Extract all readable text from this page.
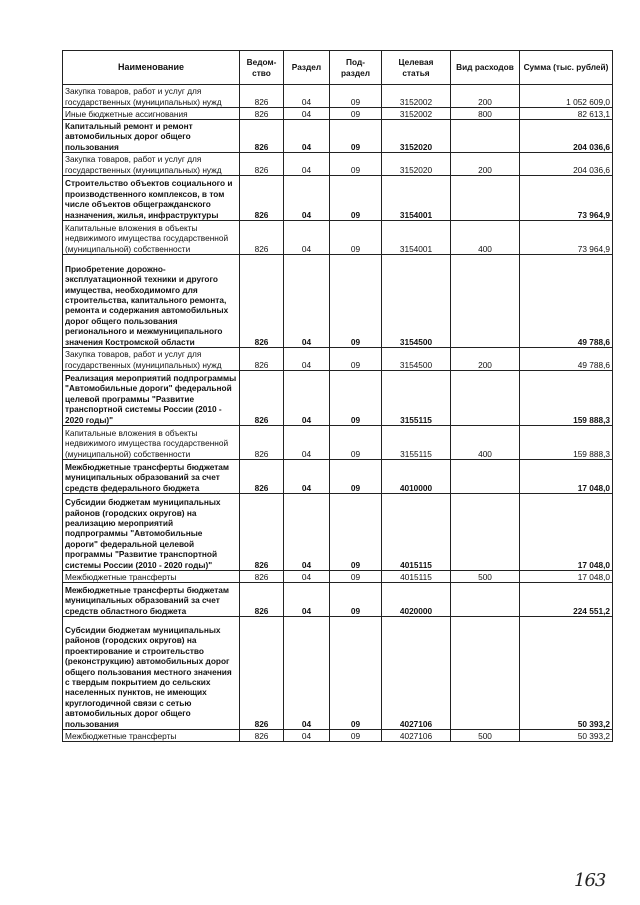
Наименование	Ведом-ство	Раздел	Под-раздел	Целевая статья	Вид расходов	Сумма (тыс. рублей)
Закупка товаров, работ и услуг для государственных (муниципальных) нужд	826	04	09	3152002	200	1 052 609,0
Иные бюджетные ассигнования	826	04	09	3152002	800	82 613,1
Капитальный ремонт и ремонт автомобильных дорог общего пользования	826	04	09	3152020		204 036,6
Закупка товаров, работ и услуг для государственных (муниципальных) нужд	826	04	09	3152020	200	204 036,6
Строительство объектов социального и производственного комплексов, в том числе объектов общегражданского назначения, жилья, инфраструктуры	826	04	09	3154001		73 964,9
Капитальные вложения в объекты недвижимого имущества государственной (муниципальной) собственности	826	04	09	3154001	400	73 964,9
Приобретение дорожно-эксплуатационной техники и другого имущества, необходимомго для строительства, капитального ремонта, ремонта и содержания автомобильных дорог общего пользования регионального и межмуниципального значения Костромской области	826	04	09	3154500		49 788,6
Закупка товаров, работ и услуг для государственных (муниципальных) нужд	826	04	09	3154500	200	49 788,6
Реализация мероприятий подпрограммы "Автомобильные дороги" федеральной целевой программы "Развитие транспортной системы России (2010 - 2020 годы)"	826	04	09	3155115		159 888,3
Капитальные вложения в объекты недвижимого имущества государственной (муниципальной) собственности	826	04	09	3155115	400	159 888,3
Межбюджетные трансферты бюджетам муниципальных образований за счет средств федерального бюджета	826	04	09	4010000		17 048,0
Субсидии бюджетам муниципальных районов (городских округов) на реализацию мероприятий подпрограммы "Автомобильные дороги" федеральной целевой программы "Развитие транспортной системы России (2010 - 2020 годы)"	826	04	09	4015115		17 048,0
Межбюджетные трансферты	826	04	09	4015115	500	17 048,0
Межбюджетные трансферты бюджетам муниципальных образований за счет средств областного бюджета	826	04	09	4020000		224 551,2
Субсидии бюджетам муниципальных районов (городских округов) на проектирование и строительство (реконструкцию) автомобильных дорог общего пользования местного значения с твердым покрытием до сельских населенных пунктов, не имеющих круглогодичной связи с сетью автомобильных дорог общего пользования	826	04	09	4027106		50 393,2
Межбюджетные трансферты	826	04	09	4027106	500	50 393,2
163
